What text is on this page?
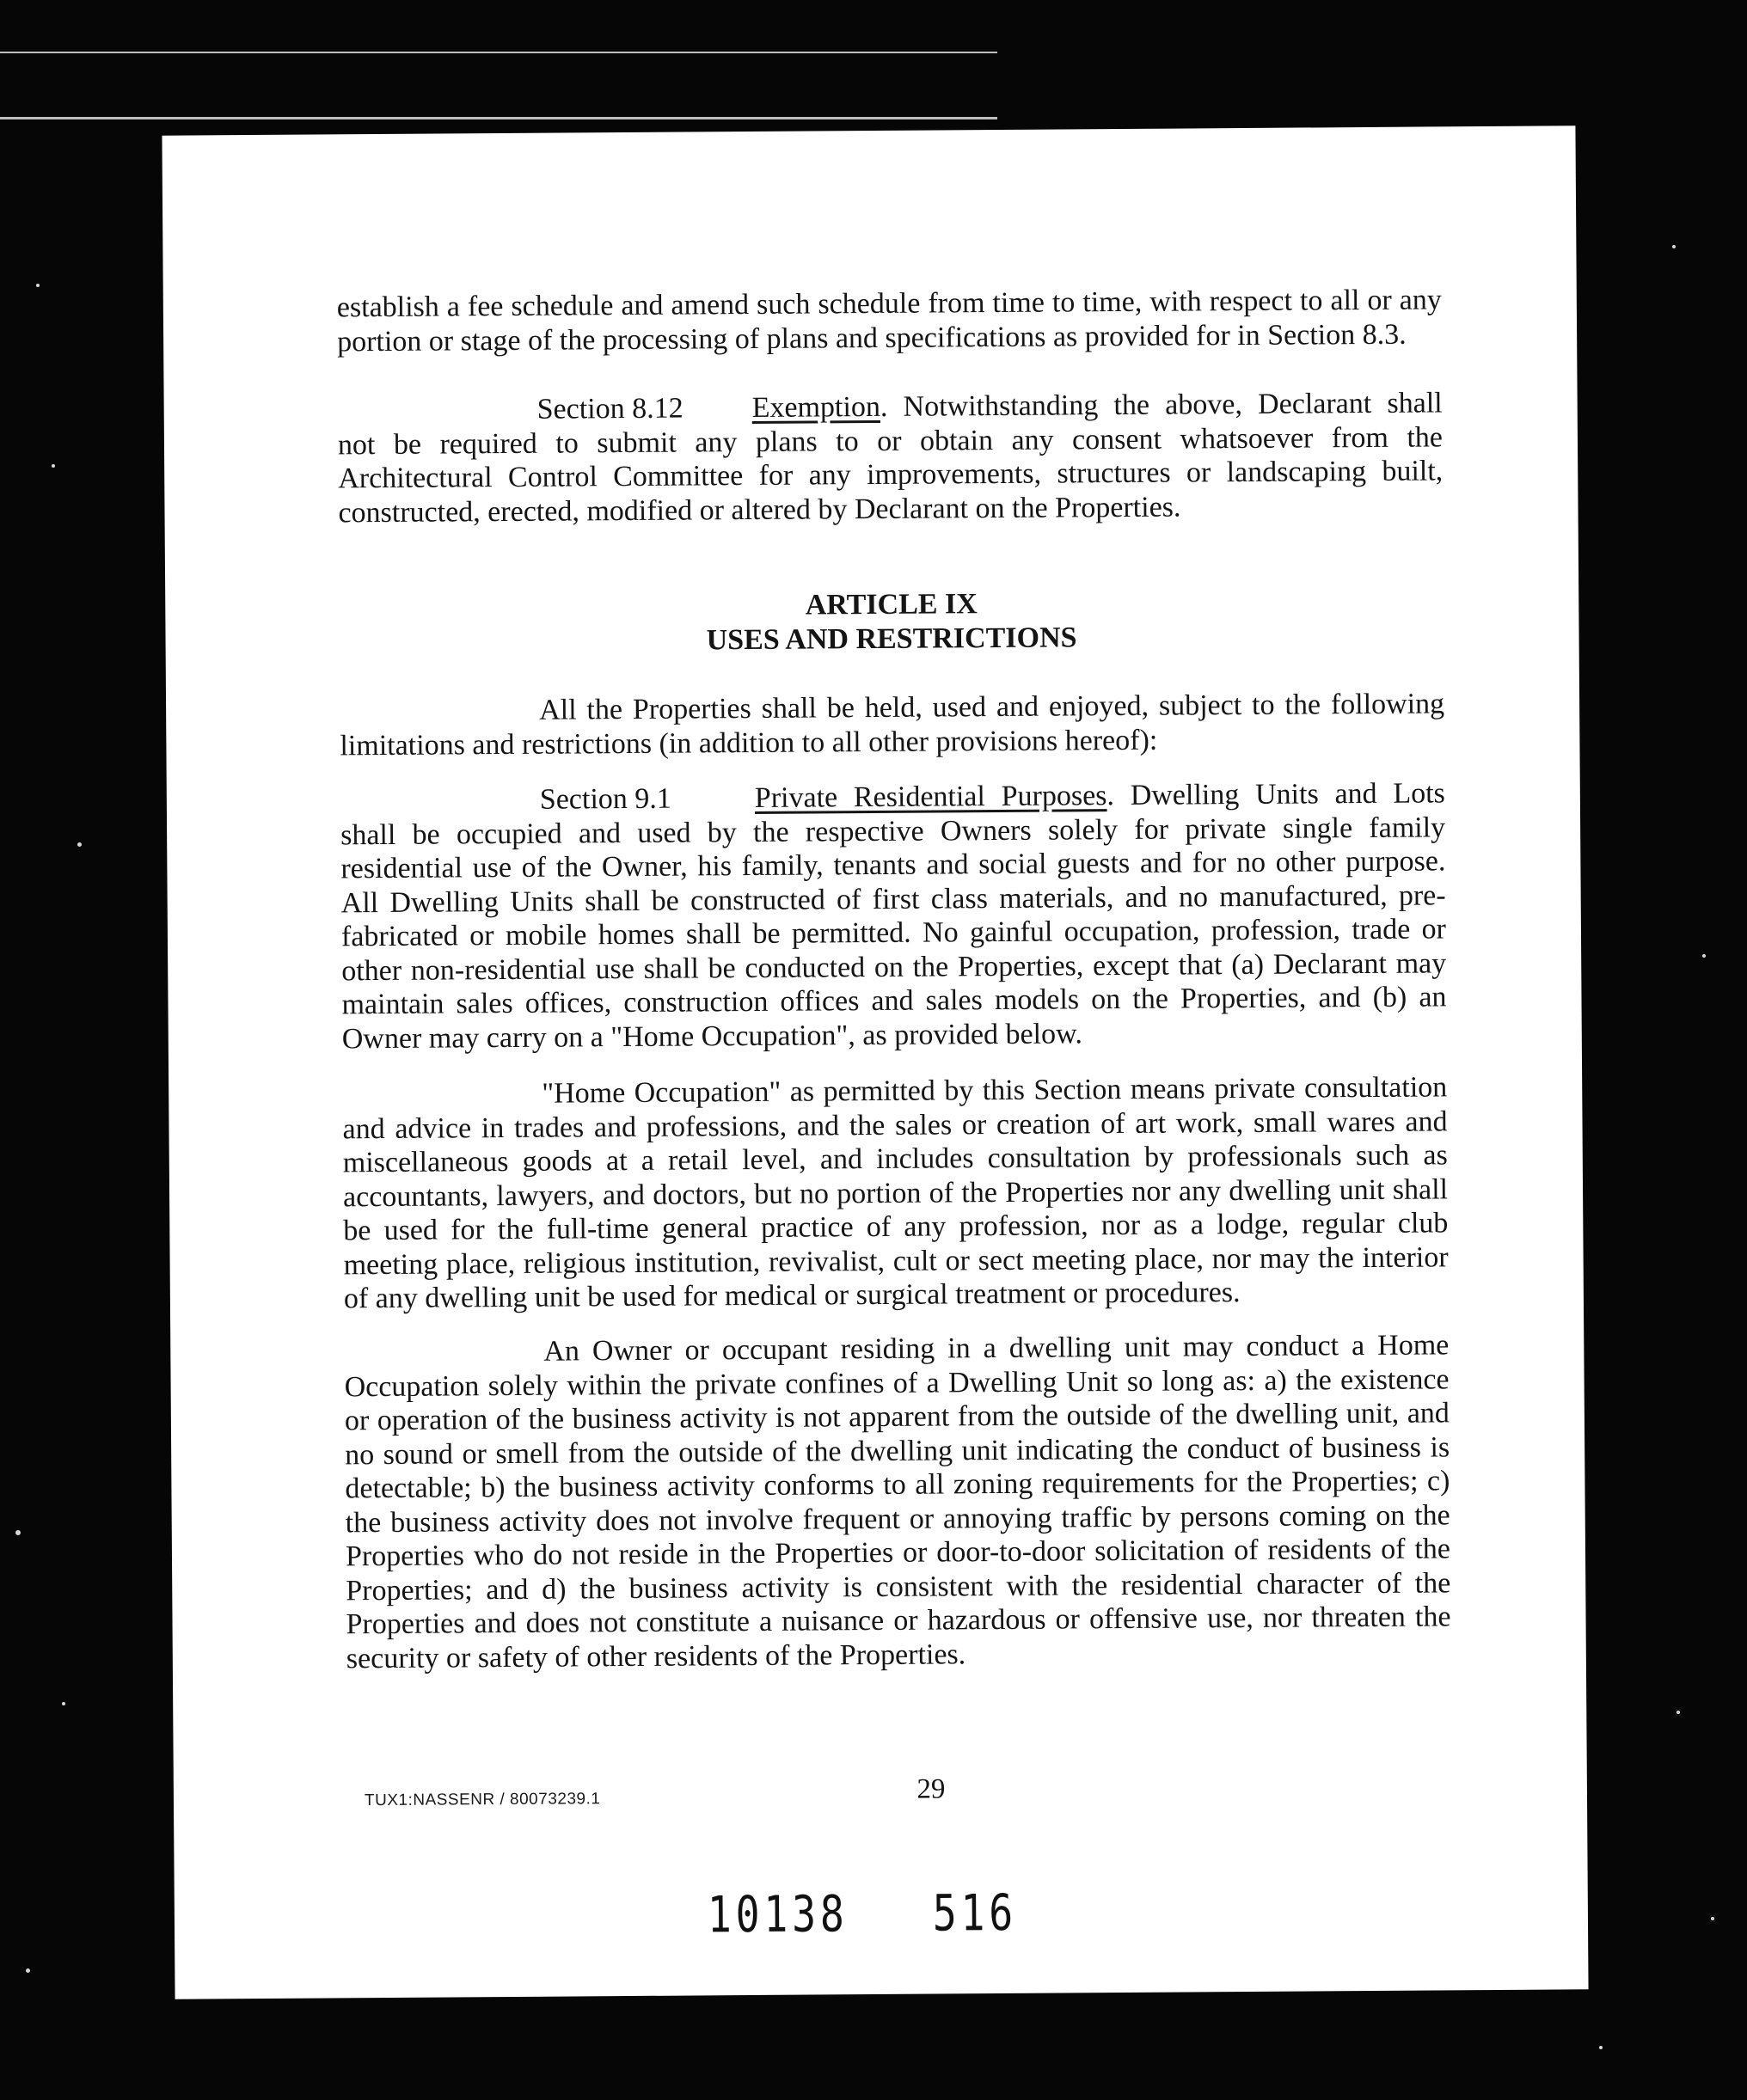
establish a fee schedule and amend such schedule from time to time, with respect to all or any portion or stage of the processing of plans and specifications as provided for in Section 8.3.

Section 8.12 Exemption. Notwithstanding the above, Declarant shall not be required to submit any plans to or obtain any consent whatsoever from the Architectural Control Committee for any improvements, structures or landscaping built, constructed, erected, modified or altered by Declarant on the Properties.

ARTICLE IX

USES AND RESTRICTIONS

All the Properties shall be held, used and enjoyed, subject to the following limitations and restrictions (in addition to all other provisions hereof):

Section 9.1	Private Residential Purposes. Dwelling Units and Lots shall be occupied and used by the respective Owners solely for private single family residential use of the Owner, his family, tenants and social guests and for no other purpose. All Dwelling Units shall be constructed of first class materials, and no manufactured, pre-fabricated or mobile homes shall be permitted. No gainful occupation, profession, trade or other non-residential use shall be conducted on the Properties, except that (a) Declarant may maintain sales offices, construction offices and sales models on the Properties, and (b) an Owner may carry on a "Home Occupation", as provided below.

"Home Occupation" as permitted by this Section means private consultation and advice in trades and professions, and the sales or creation of art work, small wares and miscellaneous goods at a retail level, and includes consultation by professionals such as accountants, lawyers, and doctors, but no portion of the Properties nor any dwelling unit shall be used for the full-time general practice of any profession, nor as a lodge, regular club meeting place, religious institution, revivalist, cult or sect meeting place, nor may the interior of any dwelling unit be used for medical or surgical treatment or procedures.

An Owner or occupant residing in a dwelling unit may conduct a Home Occupation solely within the private confines of a Dwelling Unit so long as: a) the existence or operation of the business activity is not apparent from the outside of the dwelling unit, and no sound or smell from the outside of the dwelling unit indicating the conduct of business is detectable; b) the business activity conforms to all zoning requirements for the Properties; c) the business activity does not involve frequent or annoying traffic by persons coming on the Properties who do not reside in the Properties or door-to-door solicitation of residents of the Properties; and d) the business activity is consistent with the residential character of the Properties and does not constitute a nuisance or hazardous or offensive use, nor threaten the security or safety of other residents of the Properties.

TUX1:NASSENR / 80073239.1	29
10138 516
